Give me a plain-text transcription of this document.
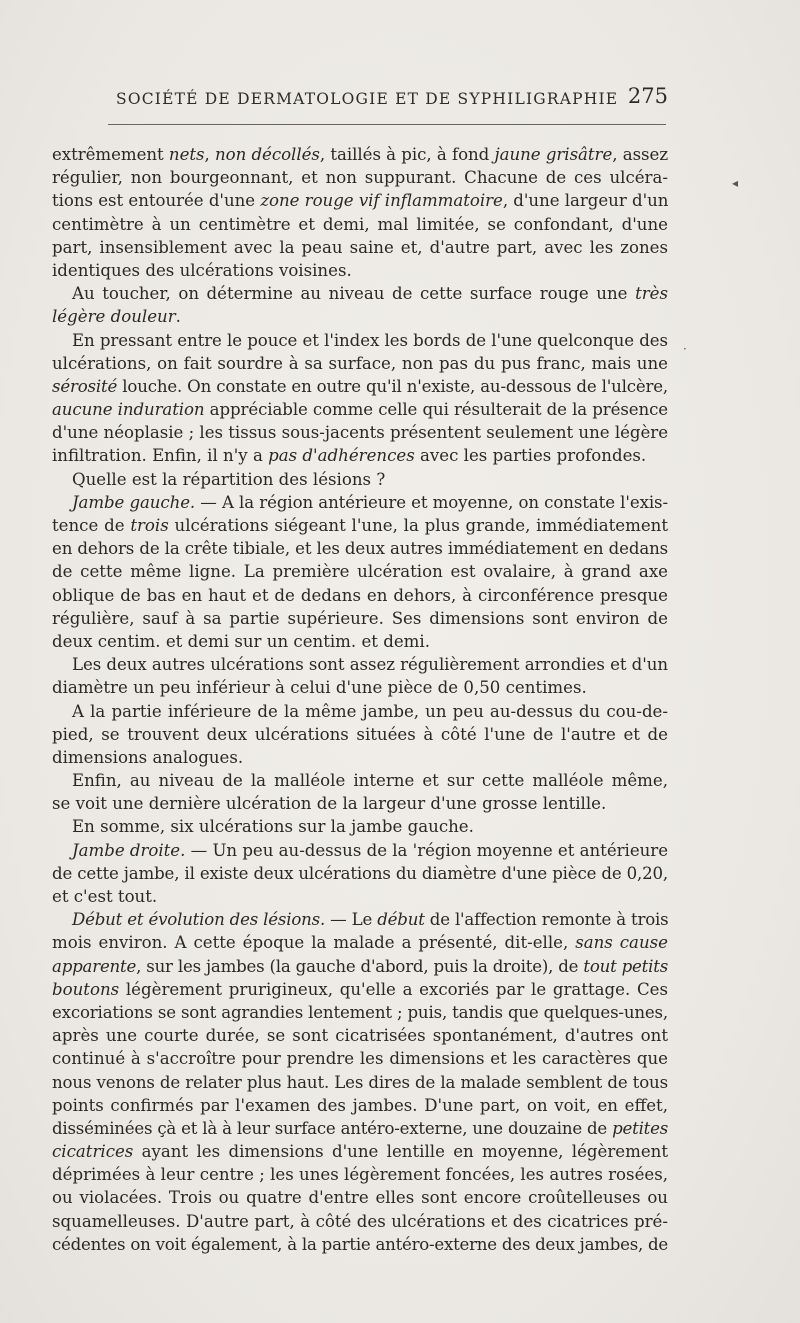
SOCIÉTÉ DE DERMATOLOGIE ET DE SYPHILIGRAPHIE 275
extrêmement nets, non décollés, taillés à pic, à fond jaune grisâtre, assez
régulier, non bourgeonnant, et non suppurant. Chacune de ces ulcéra-
tions est entourée d'une zone rouge vif inflammatoire, d'une largeur d'un
centimètre à un centimètre et demi, mal limitée, se confondant, d'une
part, insensiblement avec la peau saine et, d'autre part, avec les zones
identiques des ulcérations voisines.
Au toucher, on détermine au niveau de cette surface rouge une très
légère douleur.
En pressant entre le pouce et l'index les bords de l'une quelconque des
ulcérations, on fait sourdre à sa surface, non pas du pus franc, mais une
sérosité louche. On constate en outre qu'il n'existe, au-dessous de l'ulcère,
aucune induration appréciable comme celle qui résulterait de la présence
d'une néoplasie ; les tissus sous-jacents présentent seulement une légère
infiltration. Enfin, il n'y a pas d'adhérences avec les parties profondes.
Quelle est la répartition des lésions ?
Jambe gauche. — A la région antérieure et moyenne, on constate l'exis-
tence de trois ulcérations siégeant l'une, la plus grande, immédiatement
en dehors de la crête tibiale, et les deux autres immédiatement en dedans
de cette même ligne. La première ulcération est ovalaire, à grand axe
oblique de bas en haut et de dedans en dehors, à circonférence presque
régulière, sauf à sa partie supérieure. Ses dimensions sont environ de
deux centim. et demi sur un centim. et demi.
Les deux autres ulcérations sont assez régulièrement arrondies et d'un
diamètre un peu inférieur à celui d'une pièce de 0,50 centimes.
A la partie inférieure de la même jambe, un peu au-dessus du cou-de-
pied, se trouvent deux ulcérations situées à côté l'une de l'autre et de
dimensions analogues.
Enfin, au niveau de la malléole interne et sur cette malléole même,
se voit une dernière ulcération de la largeur d'une grosse lentille.
En somme, six ulcérations sur la jambe gauche.
Jambe droite. — Un peu au-dessus de la 'région moyenne et antérieure
de cette jambe, il existe deux ulcérations du diamètre d'une pièce de 0,20,
et c'est tout.
Début et évolution des lésions. — Le début de l'affection remonte à trois
mois environ. A cette époque la malade a présenté, dit-elle, sans cause
apparente, sur les jambes (la gauche d'abord, puis la droite), de tout petits
boutons légèrement prurigineux, qu'elle a excoriés par le grattage. Ces
excoriations se sont agrandies lentement ; puis, tandis que quelques-unes,
après une courte durée, se sont cicatrisées spontanément, d'autres ont
continué à s'accroître pour prendre les dimensions et les caractères que
nous venons de relater plus haut. Les dires de la malade semblent de tous
points confirmés par l'examen des jambes. D'une part, on voit, en effet,
disséminées çà et là à leur surface antéro-externe, une douzaine de petites
cicatrices ayant les dimensions d'une lentille en moyenne, légèrement
déprimées à leur centre ; les unes légèrement foncées, les autres rosées,
ou violacées. Trois ou quatre d'entre elles sont encore croûtelleuses ou
squamelleuses. D'autre part, à côté des ulcérations et des cicatrices pré-
cédentes on voit également, à la partie antéro-externe des deux jambes, de
◂
·
